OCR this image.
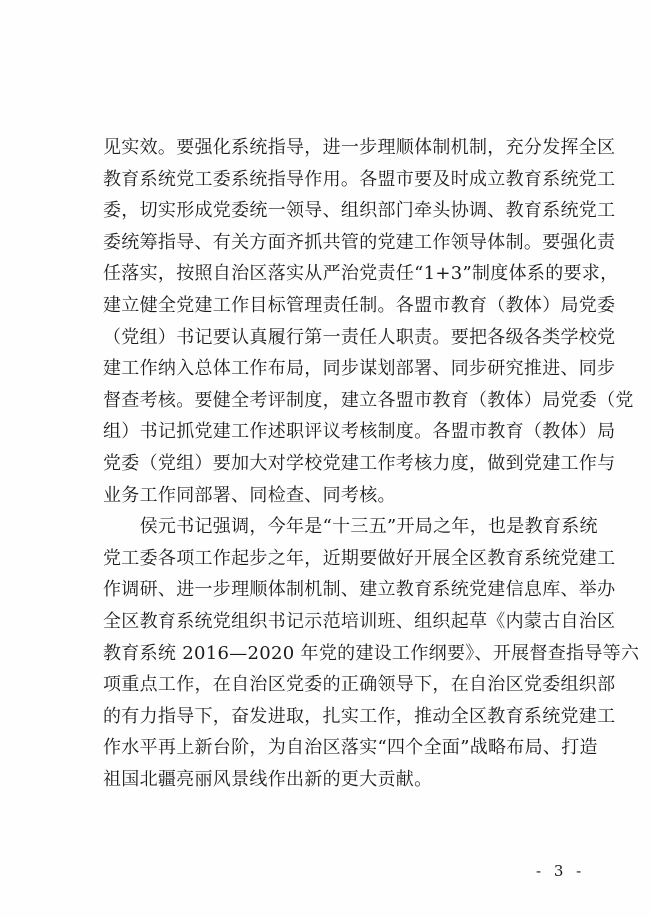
见实效。要强化系统指导，进一步理顺体制机制，充分发挥全区
教育系统党工委系统指导作用。各盟市要及时成立教育系统党工
委，切实形成党委统一领导、组织部门牵头协调、教育系统党工
委统筹指导、有关方面齐抓共管的党建工作领导体制。要强化责
任落实，按照自治区落实从严治党责任“1+3”制度体系的要求，
建立健全党建工作目标管理责任制。各盟市教育（教体）局党委
（党组）书记要认真履行第一责任人职责。要把各级各类学校党
建工作纳入总体工作布局，同步谋划部署、同步研究推进、同步
督查考核。要健全考评制度，建立各盟市教育（教体）局党委（党
组）书记抓党建工作述职评议考核制度。各盟市教育（教体）局
党委（党组）要加大对学校党建工作考核力度，做到党建工作与
业务工作同部署、同检查、同考核。
　　侯元书记强调，今年是“十三五”开局之年，也是教育系统
党工委各项工作起步之年，近期要做好开展全区教育系统党建工
作调研、进一步理顺体制机制、建立教育系统党建信息库、举办
全区教育系统党组织书记示范培训班、组织起草《内蒙古自治区
教育系统 2016—2020 年党的建设工作纲要》、开展督查指导等六
项重点工作，在自治区党委的正确领导下，在自治区党委组织部
的有力指导下，奋发进取，扎实工作，推动全区教育系统党建工
作水平再上新台阶，为自治区落实“四个全面”战略布局、打造
祖国北疆亮丽风景线作出新的更大贡献。
- 3 -
